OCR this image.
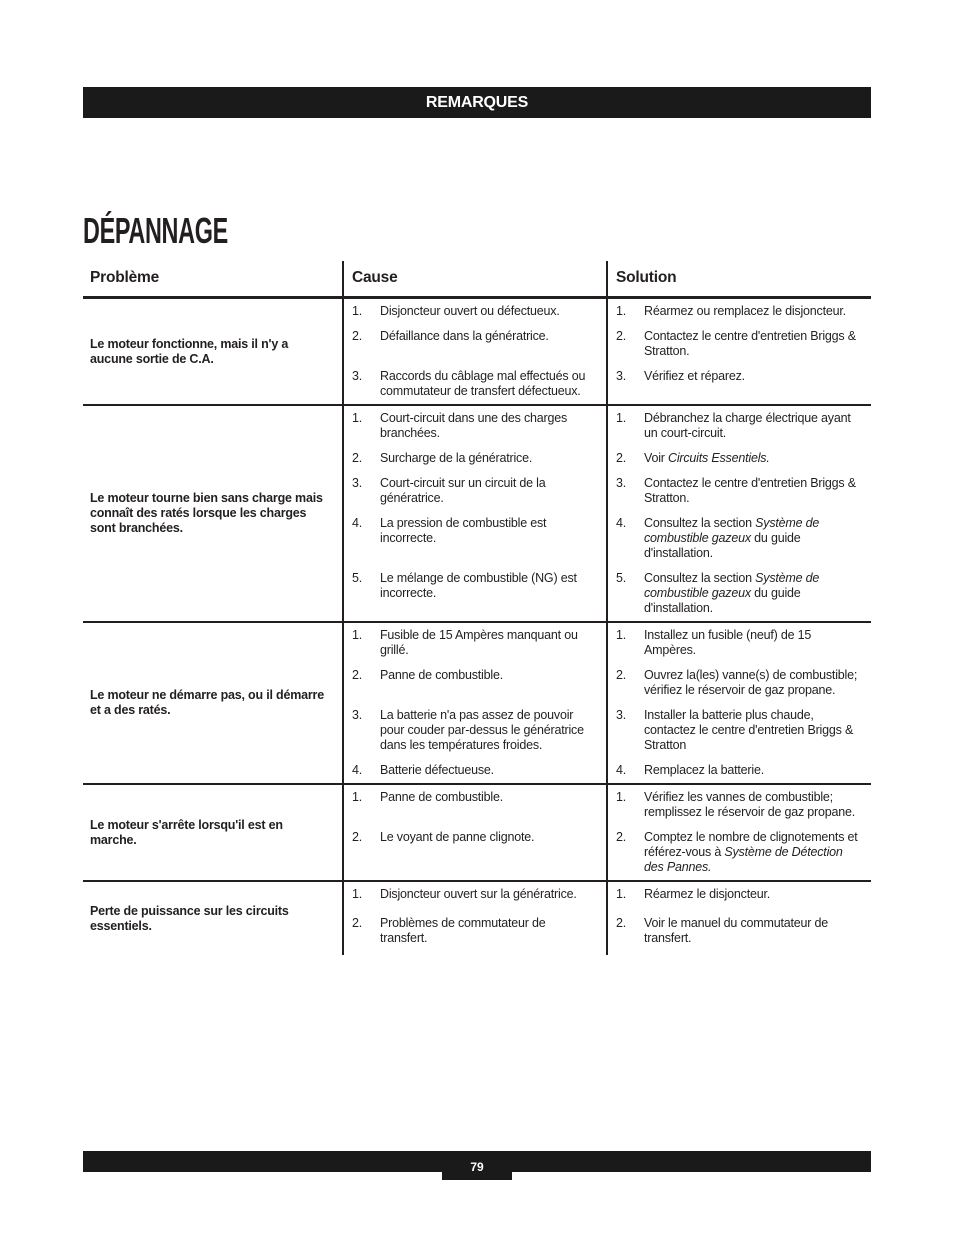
REMARQUES
DÉPANNAGE
Problème	Cause	Solution
Le moteur fonctionne, mais il n'y a aucune sortie de C.A.	1. Disjoncteur ouvert ou défectueux.	1. Réarmez ou remplacez le disjoncteur.

	2. Défaillance dans la génératrice.	2. Contactez le centre d'entretien Briggs & Stratton.

	3. Raccords du câblage mal effectués ou commutateur de transfert défectueux.	3. Vérifiez et réparez.

Le moteur tourne bien sans charge mais connaît des ratés lorsque les charges sont branchées.	1. Court-circuit dans une des charges branchées.	1. Débranchez la charge électrique ayant un court-circuit.

	2. Surcharge de la génératrice.	2. Voir Circuits Essentiels.

	3. Court-circuit sur un circuit de la génératrice.	3. Contactez le centre d'entretien Briggs & Stratton.

	4. La pression de combustible est incorrecte.	4. Consultez la section Système de combustible gazeux du guide d'installation.

	5. Le mélange de combustible (NG) est incorrecte.	5. Consultez la section Système de combustible gazeux du guide d'installation.

Le moteur ne démarre pas, ou il démarre et a des ratés.	1. Fusible de 15 Ampères manquant ou grillé.	1. Installez un fusible (neuf) de 15 Ampères.

	2. Panne de combustible.	2. Ouvrez la(les) vanne(s) de combustible; vérifiez le réservoir de gaz propane.

	3. La batterie n'a pas assez de pouvoir pour couder par-dessus le génératrice dans les températures froides.	3. Installer la batterie plus chaude, contactez le centre d'entretien Briggs & Stratton

	4. Batterie défectueuse.	4. Remplacez la batterie.

Le moteur s'arrête lorsqu'il est en marche.	1. Panne de combustible.	1. Vérifiez les vannes de combustible; remplissez le réservoir de gaz propane.

	2. Le voyant de panne clignote.	2. Comptez le nombre de clignotements et référez-vous à Système de Détection des Pannes.

Perte de puissance sur les circuits essentiels.	1. Disjoncteur ouvert sur la génératrice.	1. Réarmez le disjoncteur.

	2. Problèmes de commutateur de transfert.	2. Voir le manuel du commutateur de transfert.
79
